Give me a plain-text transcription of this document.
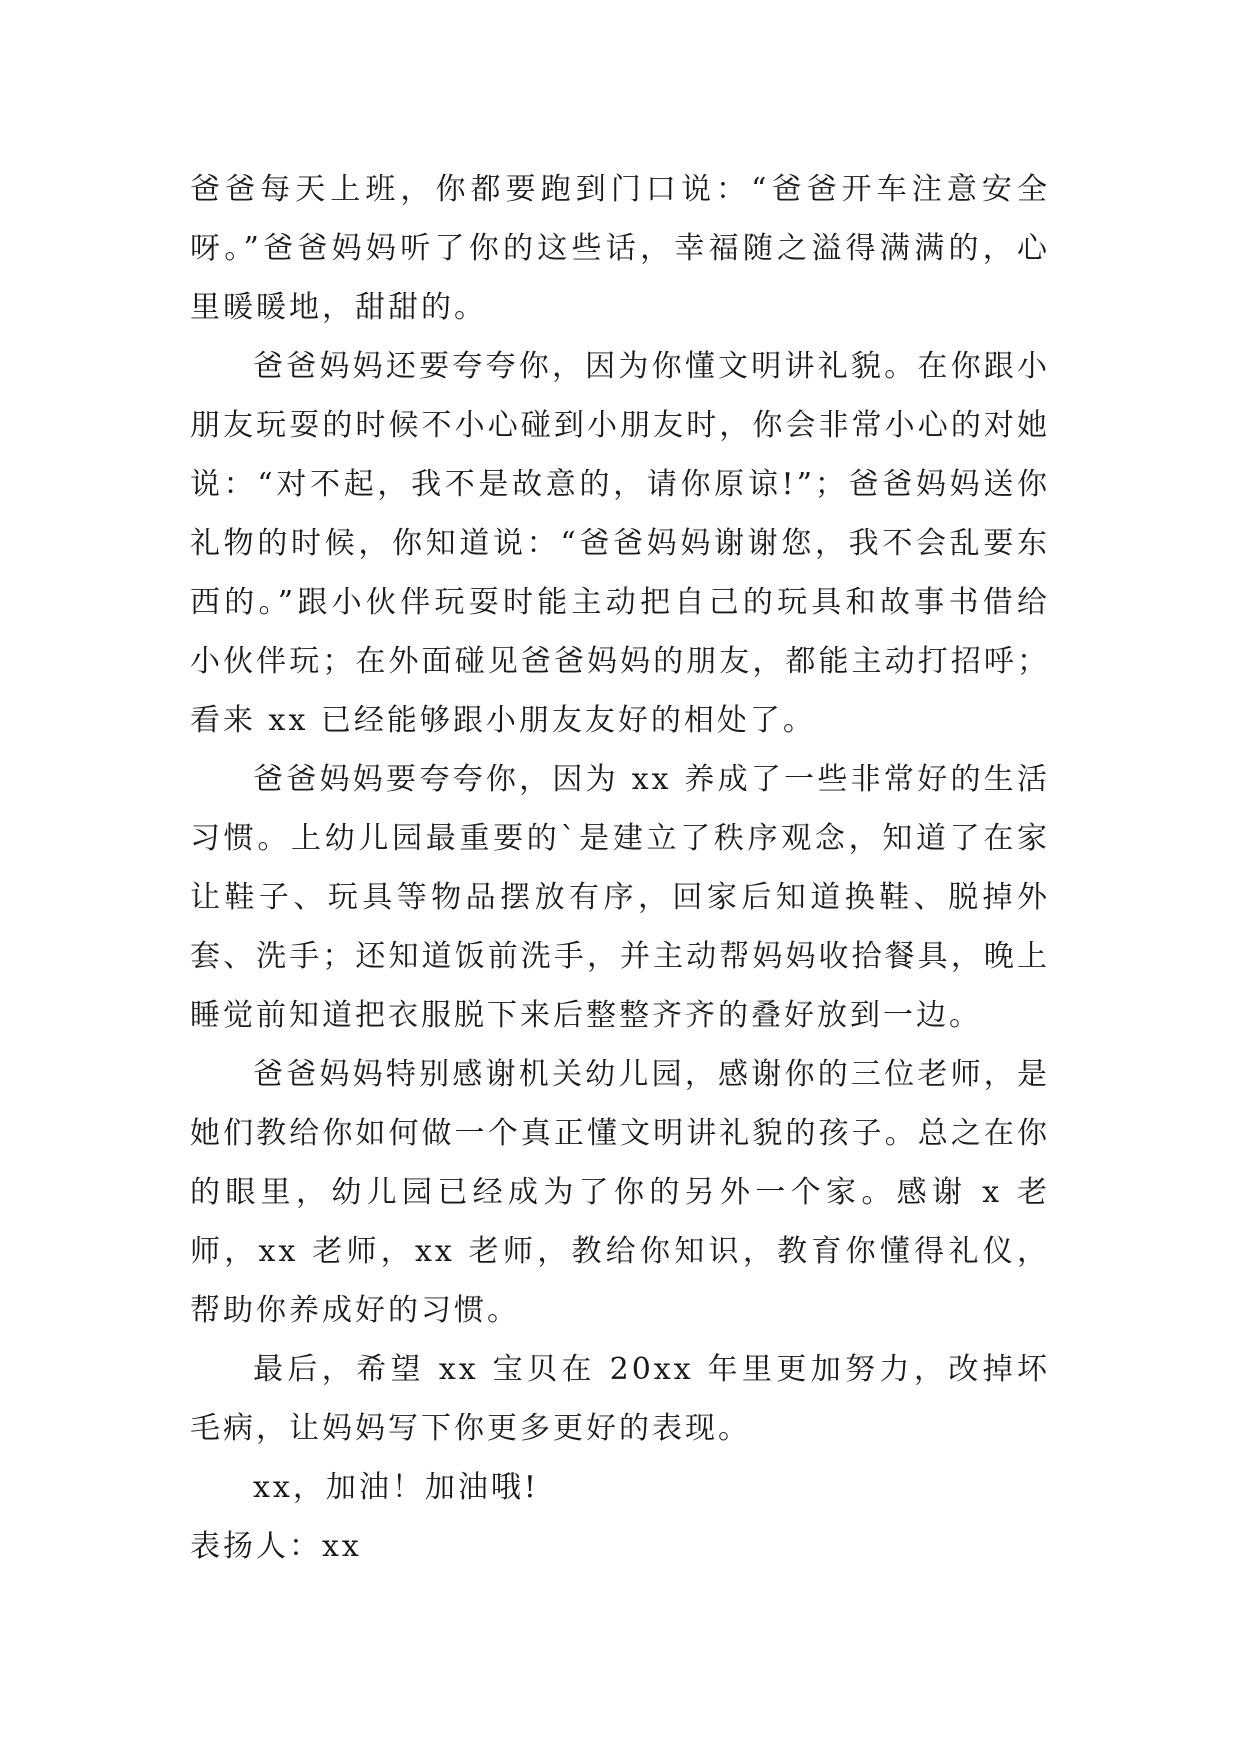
爸爸每天上班，你都要跑到门口说：“爸爸开车注意安全呀。”爸爸妈妈听了你的这些话，幸福随之溢得满满的，心里暖暖地，甜甜的。

爸爸妈妈还要夸夸你，因为你懂文明讲礼貌。在你跟小朋友玩耍的时候不小心碰到小朋友时，你会非常小心的对她说：“对不起，我不是故意的，请你原谅!”；爸爸妈妈送你礼物的时候，你知道说：“爸爸妈妈谢谢您，我不会乱要东西的。”跟小伙伴玩耍时能主动把自己的玩具和故事书借给小伙伴玩；在外面碰见爸爸妈妈的朋友，都能主动打招呼；看来 xx 已经能够跟小朋友友好的相处了。

爸爸妈妈要夸夸你，因为 xx 养成了一些非常好的生活习惯。上幼儿园最重要的`是建立了秩序观念，知道了在家让鞋子、玩具等物品摆放有序，回家后知道换鞋、脱掉外套、洗手；还知道饭前洗手，并主动帮妈妈收拾餐具，晚上睡觉前知道把衣服脱下来后整整齐齐的叠好放到一边。

爸爸妈妈特别感谢机关幼儿园，感谢你的三位老师，是她们教给你如何做一个真正懂文明讲礼貌的孩子。总之在你的眼里，幼儿园已经成为了你的另外一个家。感谢 x 老师，xx 老师，xx 老师，教给你知识，教育你懂得礼仪，帮助你养成好的习惯。

最后，希望 xx 宝贝在 20xx 年里更加努力，改掉坏毛病，让妈妈写下你更多更好的表现。

xx，加油！加油哦!

表扬人：xx
